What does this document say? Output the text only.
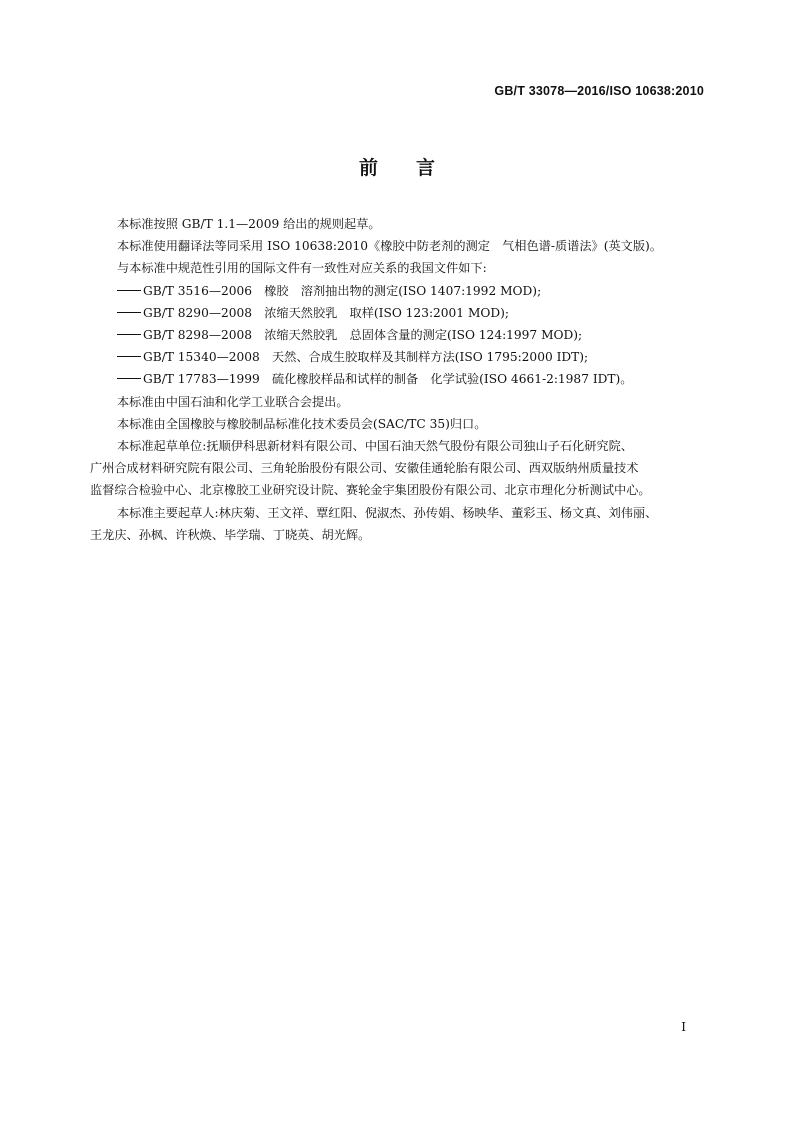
GB/T 33078—2016/ISO 10638:2010
前 言

本标准按照 GB/T 1.1—2009 给出的规则起草。

本标准使用翻译法等同采用 ISO 10638:2010《橡胶中防老剂的测定　气相色谱-质谱法》(英文版)。

与本标准中规范性引用的国际文件有一致性对应关系的我国文件如下:

GB/T 3516—2006　橡胶　溶剂抽出物的测定(ISO 1407:1992 MOD);

GB/T 8290—2008　浓缩天然胶乳　取样(ISO 123:2001 MOD);

GB/T 8298—2008　浓缩天然胶乳　总固体含量的测定(ISO 124:1997 MOD);

GB/T 15340—2008　天然、合成生胶取样及其制样方法(ISO 1795:2000 IDT);

GB/T 17783—1999　硫化橡胶样品和试样的制备　化学试验(ISO 4661-2:1987 IDT)。

本标准由中国石油和化学工业联合会提出。

本标准由全国橡胶与橡胶制品标准化技术委员会(SAC/TC 35)归口。

本标准起草单位:抚顺伊科思新材料有限公司、中国石油天然气股份有限公司独山子石化研究院、

广州合成材料研究院有限公司、三角轮胎股份有限公司、安徽佳通轮胎有限公司、西双版纳州质量技术

监督综合检验中心、北京橡胶工业研究设计院、赛轮金宇集团股份有限公司、北京市理化分析测试中心。

本标准主要起草人:林庆菊、王文祥、覃红阳、倪淑杰、孙传娟、杨映华、董彩玉、杨文真、刘伟丽、

王龙庆、孙枫、许秋焕、毕学瑞、丁晓英、胡光辉。

I
